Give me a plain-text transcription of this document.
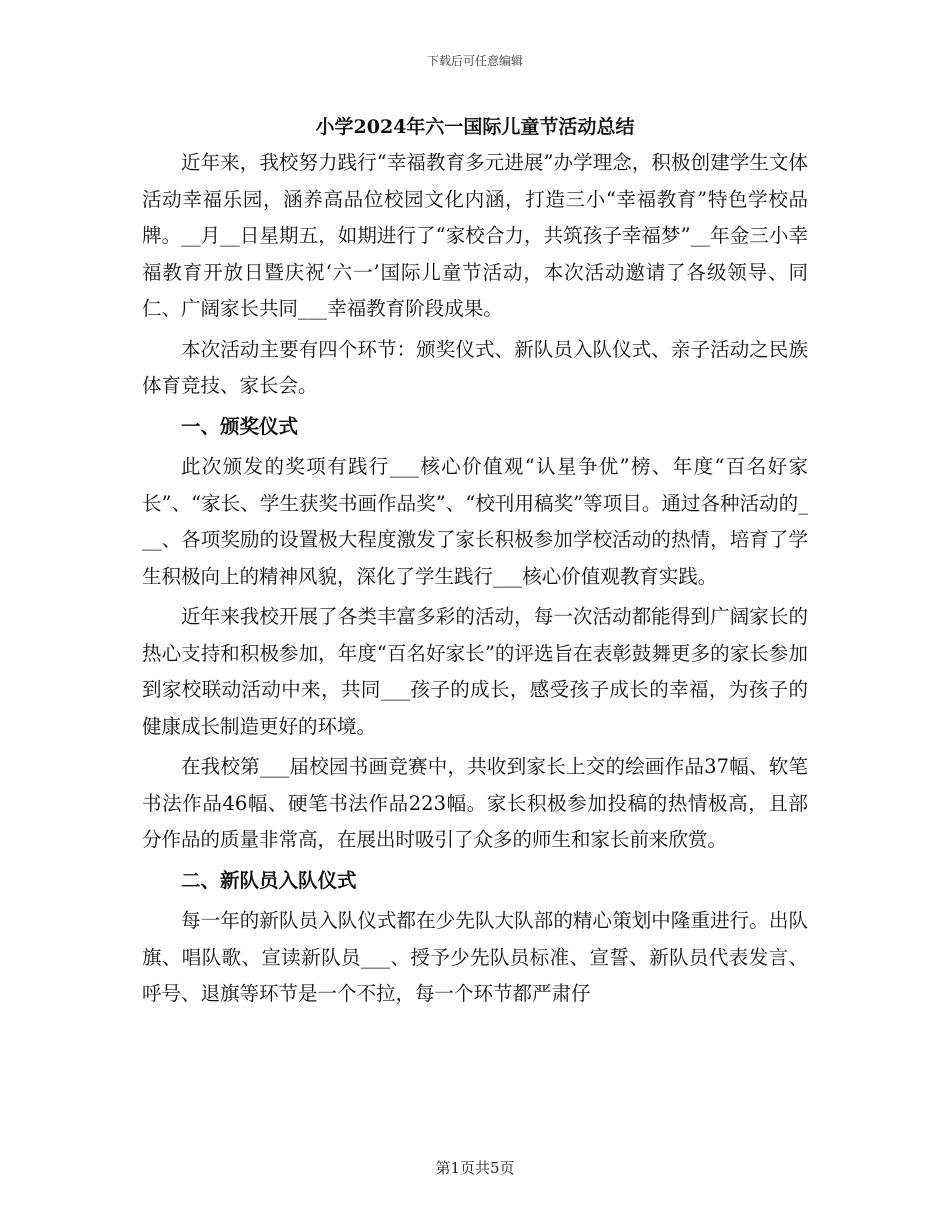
下载后可任意编辑
小学2024年六一国际儿童节活动总结

近年来，我校努力践行“幸福教育多元进展”办学理念，积极创建学生文体活动幸福乐园，涵养高品位校园文化内涵，打造三小“幸福教育”特色学校品牌。__月__日星期五，如期进行了“家校合力，共筑孩子幸福梦”__年金三小幸福教育开放日暨庆祝‘六一’国际儿童节活动，本次活动邀请了各级领导、同仁、广阔家长共同___幸福教育阶段成果。

本次活动主要有四个环节：颁奖仪式、新队员入队仪式、亲子活动之民族体育竞技、家长会。

一、颁奖仪式

此次颁发的奖项有践行___核心价值观“认星争优”榜、年度“百名好家长”、“家长、学生获奖书画作品奖”、“校刊用稿奖”等项目。通过各种活动的___、各项奖励的设置极大程度激发了家长积极参加学校活动的热情，培育了学生积极向上的精神风貌，深化了学生践行___核心价值观教育实践。

近年来我校开展了各类丰富多彩的活动，每一次活动都能得到广阔家长的热心支持和积极参加，年度“百名好家长”的评选旨在表彰鼓舞更多的家长参加到家校联动活动中来，共同___孩子的成长，感受孩子成长的幸福，为孩子的健康成长制造更好的环境。

在我校第___届校园书画竞赛中，共收到家长上交的绘画作品37幅、软笔书法作品46幅、硬笔书法作品223幅。家长积极参加投稿的热情极高，且部分作品的质量非常高，在展出时吸引了众多的师生和家长前来欣赏。

二、新队员入队仪式

每一年的新队员入队仪式都在少先队大队部的精心策划中隆重进行。出队旗、唱队歌、宣读新队员___、授予少先队员标准、宣誓、新队员代表发言、呼号、退旗等环节是一个不拉，每一个环节都严肃仔

第1页共5页
